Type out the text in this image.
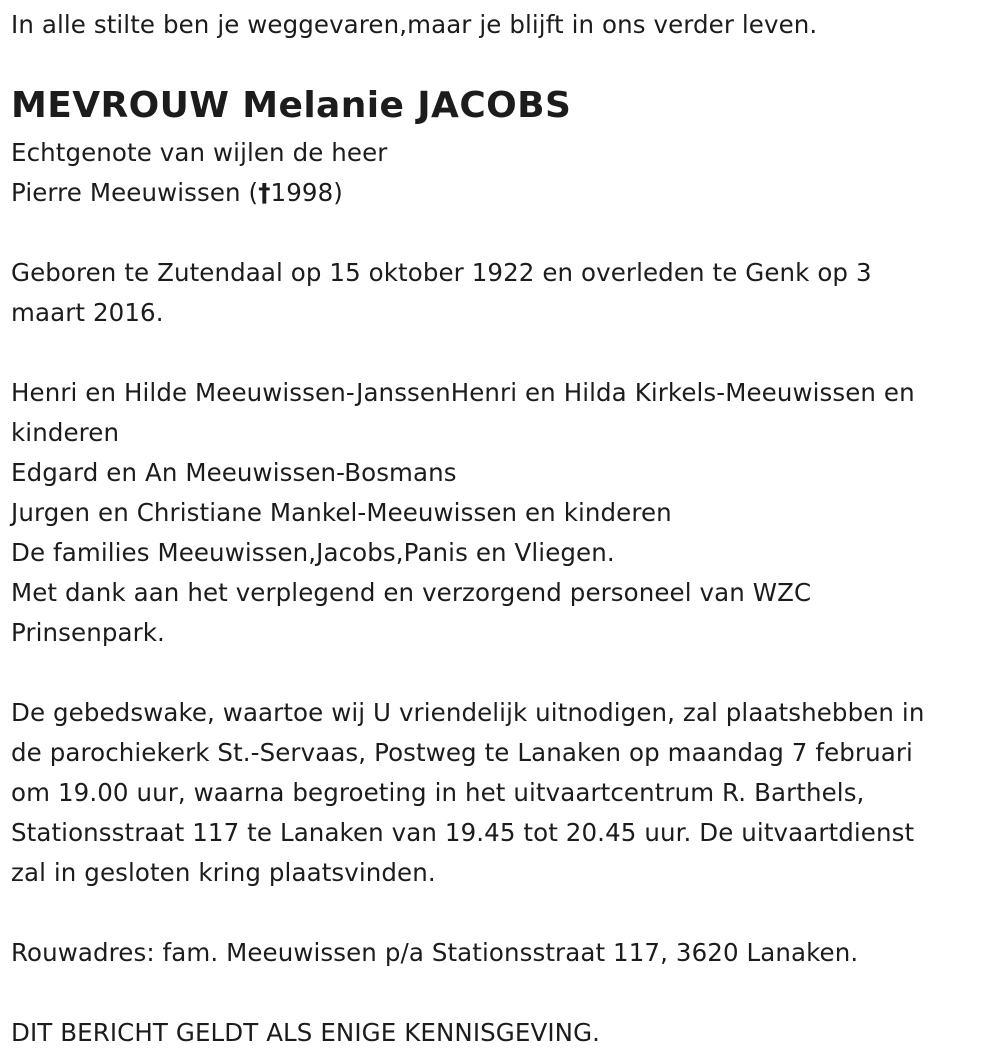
In alle stilte ben je weggevaren,maar je blijft in ons verder leven.
MEVROUW Melanie JACOBS
Echtgenote van wijlen de heer
Pierre Meeuwissen (†1998)
Geboren te Zutendaal op 15 oktober 1922 en overleden te Genk op 3
maart 2016.
Henri en Hilde Meeuwissen-JanssenHenri en Hilda Kirkels-Meeuwissen en
kinderen
Edgard en An Meeuwissen-Bosmans
Jurgen en Christiane Mankel-Meeuwissen en kinderen
De families Meeuwissen,Jacobs,Panis en Vliegen.
Met dank aan het verplegend en verzorgend personeel van WZC
Prinsenpark.
De gebedswake, waartoe wij U vriendelijk uitnodigen, zal plaatshebben in
de parochiekerk St.-Servaas, Postweg te Lanaken op maandag 7 februari
om 19.00 uur, waarna begroeting in het uitvaartcentrum R. Barthels,
Stationsstraat 117 te Lanaken van 19.45 tot 20.45 uur. De uitvaartdienst
zal in gesloten kring plaatsvinden.
Rouwadres: fam. Meeuwissen p/a Stationsstraat 117, 3620 Lanaken.
DIT BERICHT GELDT ALS ENIGE KENNISGEVING.
